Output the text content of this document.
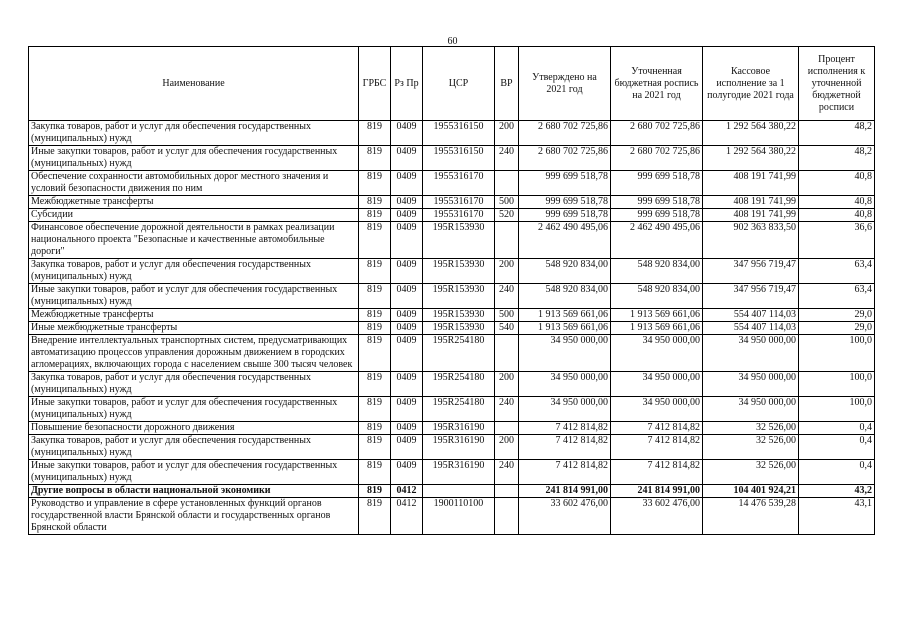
60
Наименование	ГРБС	Рз Пр	ЦСР	ВР	Утверждено на 2021 год	Уточненная бюджетная роспись на 2021 год	Кассовое исполнение за 1 полугодие 2021 года	Процент исполнения к уточненной бюджетной росписи
Закупка товаров, работ и услуг для обеспечения государственных (муниципальных) нужд	819	0409	1955316150	200	2 680 702 725,86	2 680 702 725,86	1 292 564 380,22	48,2
Иные закупки товаров, работ и услуг для обеспечения государственных (муниципальных) нужд	819	0409	1955316150	240	2 680 702 725,86	2 680 702 725,86	1 292 564 380,22	48,2
Обеспечение сохранности автомобильных дорог местного значения и условий безопасности движения по ним	819	0409	1955316170		999 699 518,78	999 699 518,78	408 191 741,99	40,8
Межбюджетные трансферты	819	0409	1955316170	500	999 699 518,78	999 699 518,78	408 191 741,99	40,8
Субсидии	819	0409	1955316170	520	999 699 518,78	999 699 518,78	408 191 741,99	40,8
Финансовое обеспечение дорожной деятельности в рамках реализации национального проекта "Безопасные и качественные автомобильные дороги"	819	0409	195R153930		2 462 490 495,06	2 462 490 495,06	902 363 833,50	36,6
Закупка товаров, работ и услуг для обеспечения государственных (муниципальных) нужд	819	0409	195R153930	200	548 920 834,00	548 920 834,00	347 956 719,47	63,4
Иные закупки товаров, работ и услуг для обеспечения государственных (муниципальных) нужд	819	0409	195R153930	240	548 920 834,00	548 920 834,00	347 956 719,47	63,4
Межбюджетные трансферты	819	0409	195R153930	500	1 913 569 661,06	1 913 569 661,06	554 407 114,03	29,0
Иные межбюджетные трансферты	819	0409	195R153930	540	1 913 569 661,06	1 913 569 661,06	554 407 114,03	29,0
Внедрение интеллектуальных транспортных систем, предусматривающих автоматизацию процессов управления дорожным движением в городских агломерациях, включающих города с населением свыше 300 тысяч человек	819	0409	195R254180		34 950 000,00	34 950 000,00	34 950 000,00	100,0
Закупка товаров, работ и услуг для обеспечения государственных (муниципальных) нужд	819	0409	195R254180	200	34 950 000,00	34 950 000,00	34 950 000,00	100,0
Иные закупки товаров, работ и услуг для обеспечения государственных (муниципальных) нужд	819	0409	195R254180	240	34 950 000,00	34 950 000,00	34 950 000,00	100,0
Повышение безопасности дорожного движения	819	0409	195R316190		7 412 814,82	7 412 814,82	32 526,00	0,4
Закупка товаров, работ и услуг для обеспечения государственных (муниципальных) нужд	819	0409	195R316190	200	7 412 814,82	7 412 814,82	32 526,00	0,4
Иные закупки товаров, работ и услуг для обеспечения государственных (муниципальных) нужд	819	0409	195R316190	240	7 412 814,82	7 412 814,82	32 526,00	0,4
Другие вопросы в области национальной экономики	819	0412			241 814 991,00	241 814 991,00	104 401 924,21	43,2
Руководство и управление в сфере установленных функций органов государственной власти Брянской области и государственных органов Брянской области	819	0412	1900110100		33 602 476,00	33 602 476,00	14 476 539,28	43,1
